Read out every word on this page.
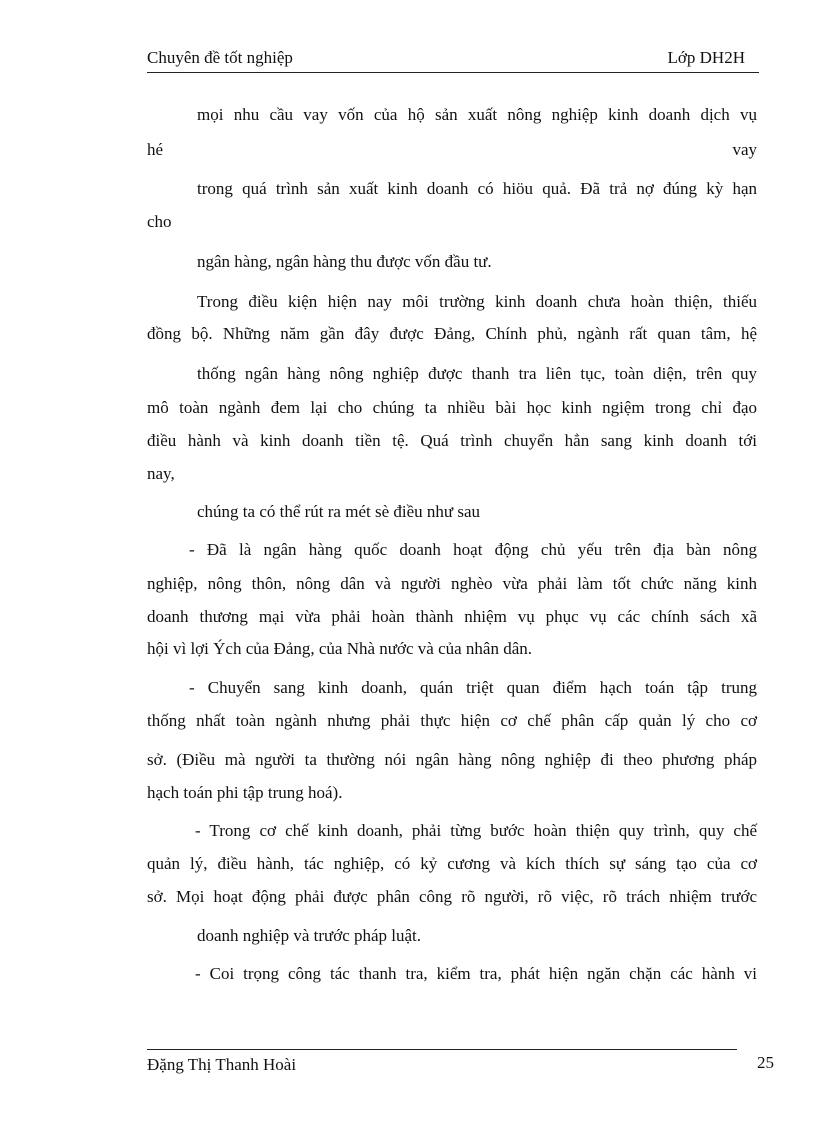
Chuyên đề tốt nghiệp	Lớp DH2H
mọi nhu cầu vay vốn của hộ sản xuất nông nghiệp kinh doanh dịch vụ
hé	vay
trong quá trình sản xuất kinh doanh có hiöu quả. Đã trả nợ đúng kỳ hạn
cho
ngân hàng, ngân hàng thu được vốn đầu tư.
Trong điều kiện hiện nay môi trường kinh doanh chưa hoàn thiện, thiếu
đồng bộ. Những năm gần đây được Đảng, Chính phủ, ngành rất quan tâm, hệ
thống ngân hàng nông nghiệp được thanh tra liên tục, toàn diện, trên quy
mô toàn ngành đem lại cho chúng ta nhiều bài học kinh ngiệm trong chỉ đạo
điều hành và kinh doanh tiền tệ. Quá trình chuyển hẳn sang kinh doanh tới
nay,
chúng ta có thể rút ra mét sè điều như sau
- Đã là ngân hàng quốc doanh hoạt động chủ yếu trên địa bàn nông
nghiệp, nông thôn, nông dân và người nghèo vừa phải làm tốt chức năng kinh
doanh thương mại vừa phải hoàn thành nhiệm vụ phục vụ các chính sách xã
hội vì lợi Ých của Đảng, của Nhà nước và của nhân dân.
- Chuyển sang kinh doanh, quán triệt quan điểm hạch toán tập trung
thống nhất toàn ngành nhưng phải thực hiện cơ chế phân cấp quản lý cho cơ
sở. (Điều mà người ta thường nói ngân hàng nông nghiệp đi theo phương pháp
hạch toán phi tập trung hoá).
- Trong cơ chế kinh doanh, phải từng bước hoàn thiện quy trình, quy chế
quản lý, điều hành, tác nghiệp, có kỷ cương và kích thích sự sáng tạo của cơ
sở. Mọi hoạt động phải được phân công rõ người, rõ việc, rõ trách nhiệm trước
doanh nghiệp và trước pháp luật.
- Coi trọng công tác thanh tra, kiểm tra, phát hiện ngăn chặn các hành vi
Đặng Thị Thanh Hoài	25
